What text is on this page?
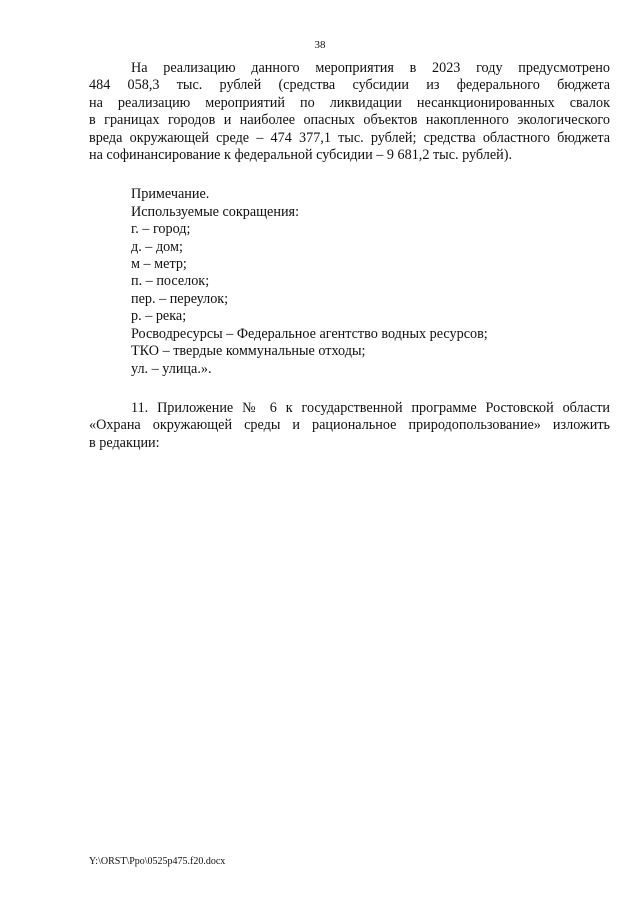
38
На реализацию данного мероприятия в 2023 году предусмотрено
484 058,3 тыс. рублей (средства субсидии из федерального бюджета
на реализацию мероприятий по ликвидации несанкционированных свалок
в границах городов и наиболее опасных объектов накопленного экологического
вреда окружающей среде – 474 377,1 тыс. рублей; средства областного бюджета
на софинансирование к федеральной субсидии – 9 681,2 тыс. рублей).
Примечание.
Используемые сокращения:
г. – город;
д. – дом;
м – метр;
п. – поселок;
пер. – переулок;
р. – река;
Росводресурсы – Федеральное агентство водных ресурсов;
ТКО – твердые коммунальные отходы;
ул. – улица.».
11. Приложение № 6 к государственной программе Ростовской области
«Охрана окружающей среды и рациональное природопользование» изложить
в редакции:
Y:\ORST\Ppo\0525p475.f20.docx
